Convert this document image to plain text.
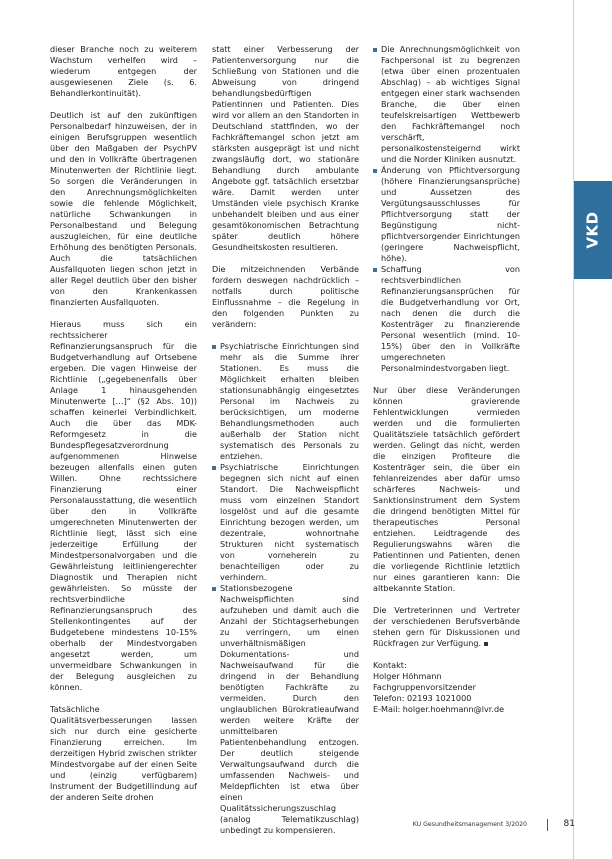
VKD

dieser Branche noch zu weiterem Wachstum verhelfen wird – wiederum entgegen der ausgewiesenen Ziele (s. 6. Behandlerkontinuität).

Deutlich ist auf den zukünftigen Personalbedarf hinzuweisen, der in einigen Berufsgruppen wesentlich über den Maßgaben der PsychPV und den in Vollkräfte übertragenen Minutenwerten der Richtlinie liegt. So sorgen die Veränderungen in den Anrechnungsmöglichkeiten sowie die fehlende Möglichkeit, natürliche Schwankungen in Personalbestand und Belegung auszugleichen, für eine deutliche Erhöhung des benötigten Personals. Auch die tatsächlichen Ausfallquoten liegen schon jetzt in aller Regel deutlich über den bisher von den Krankenkassen finanzierten Ausfallquoten.

Hieraus muss sich ein rechtssicherer Refinanzierungsanspruch für die Budgetverhandlung auf Ortsebene ergeben. Die vagen Hinweise der Richtlinie („gegebenenfalls über Anlage 1 hinausgehenden Minutenwerte […]“ (§2 Abs. 10)) schaffen keinerlei Verbindlichkeit. Auch die über das MDK-Reformgesetz in die Bundespflegesatzverordnung aufgenommenen Hinweise bezeugen allenfalls einen guten Willen. Ohne rechtssichere Finanzierung einer Personalausstattung, die wesentlich über den in Vollkräfte umgerechneten Minutenwerten der Richtlinie liegt, lässt sich eine jederzeitige Erfüllung der Mindestpersonalvorgaben und die Gewährleistung leitliniengerechter Diagnostik und Therapien nicht gewährleisten. So müsste der rechtsverbindliche Refinanzierungsanspruch des Stellenkontingentes auf der Budgetebene mindestens 10-15% oberhalb der Mindestvorgaben angesetzt werden, um unvermeidbare Schwankungen in der Belegung ausgleichen zu können.

Tatsächliche Qualitätsverbesserungen lassen sich nur durch eine gesicherte Finanzierung erreichen. Im derzeitigen Hybrid zwischen strikter Mindestvorgabe auf der einen Seite und (einzig verfügbarem) Instrument der Budgetillindung auf der anderen Seite drohen

statt einer Verbesserung der Patientenversorgung nur die Schließung von Stationen und die Abweisung von dringend behandlungsbedürftigen Patientinnen und Patienten. Dies wird vor allem an den Standorten in Deutschland stattfinden, wo der Fachkräftemangel schon jetzt am stärksten ausgeprägt ist und nicht zwangsläufig dort, wo stationäre Behandlung durch ambulante Angebote ggf. tatsächlich ersetzbar wäre. Damit werden unter Umständen viele psychisch Kranke unbehandelt bleiben und aus einer gesamtökonomischen Betrachtung später deutlich höhere Gesundheitskosten resultieren.

Die mitzeichnenden Verbände fordern deswegen nachdrücklich – notfalls durch politische Einflussnahme – die Regelung in den folgenden Punkten zu verändern:

Psychiatrische Einrichtungen sind mehr als die Summe ihrer Stationen. Es muss die Möglichkeit erhalten bleiben stationsunabhängig eingesetztes Personal im Nachweis zu berücksichtigen, um moderne Behandlungsmethoden auch außerhalb der Station nicht systematisch des Personals zu entziehen.
Psychiatrische Einrichtungen begegnen sich nicht auf einen Standort. Die Nachweispflicht muss vom einzelnen Standort losgelöst und auf die gesamte Einrichtung bezogen werden, um dezentrale, wohnortnahe Strukturen nicht systematisch von vorneherein zu benachteiligen oder zu verhindern.
Stationsbezogene Nachweispflichten sind aufzuheben und damit auch die Anzahl der Stichtagserhebungen zu verringern, um einen unverhältnismäßigen Dokumentations- und Nachweisaufwand für die dringend in der Behandlung benötigten Fachkräfte zu vermeiden. Durch den unglaublichen Bürokratieaufwand werden weitere Kräfte der unmittelbaren Patientenbehandlung entzogen. Der deutlich steigende Verwaltungsaufwand durch die umfassenden Nachweis- und Meldepflichten ist etwa über einen Qualitätssicherungszuschlag (analog Telematikzuschlag) unbedingt zu kompensieren.
Die Anrechnungsmöglichkeit von Fachpersonal ist zu begrenzen (etwa über einen prozentualen Abschlag) – ab wichtiges Signal entgegen einer stark wachsenden Branche, die über einen teufelskreisartigen Wettbewerb den Fachkräftemangel noch verschärft, personalkostensteigernd wirkt und die Norder Kliniken ausnutzt.
Änderung von Pflichtversorgung (höhere Finanzierungsansprüche) und Aussetzen des Vergütungsausschlusses für Pflichtversorgung statt der Begünstigung nicht-pflichtversorgender Einrichtungen (geringere Nachweispflicht, höhe).
Schaffung von rechtsverbindlichen Refinanzierungsansprüchen für die Budgetverhandlung vor Ort, nach denen die durch die Kostenträger zu finanzierende Personal wesentlich (mind. 10-15%) über den in Vollkräfte umgerechneten Personalmindestvorgaben liegt.

Nur über diese Veränderungen können gravierende Fehlentwicklungen vermieden werden und die formulierten Qualitätsziele tatsächlich gefördert werden. Gelingt das nicht, werden die einzigen Profiteure die Kostenträger sein, die über ein fehlanreizendes aber dafür umso schärferes Nachweis- und Sanktionsinstrument dem System die dringend benötigten Mittel für therapeutisches Personal entziehen. Leidtragende des Regulierungswahns wären die Patientinnen und Patienten, denen die vorliegende Richtlinie letztlich nur eines garantieren kann: Die altbekannte Station.

Die Vertreterinnen und Vertreter der verschiedenen Berufsverbände stehen gern für Diskussionen und Rückfragen zur Verfügung.

Kontakt:
Holger Höhmann
Fachgruppenvorsitzender
Telefon: 02193 1021000
E-Mail: holger.hoehmann@lvr.de
KU Gesundheitsmanagement 3/2020	81
